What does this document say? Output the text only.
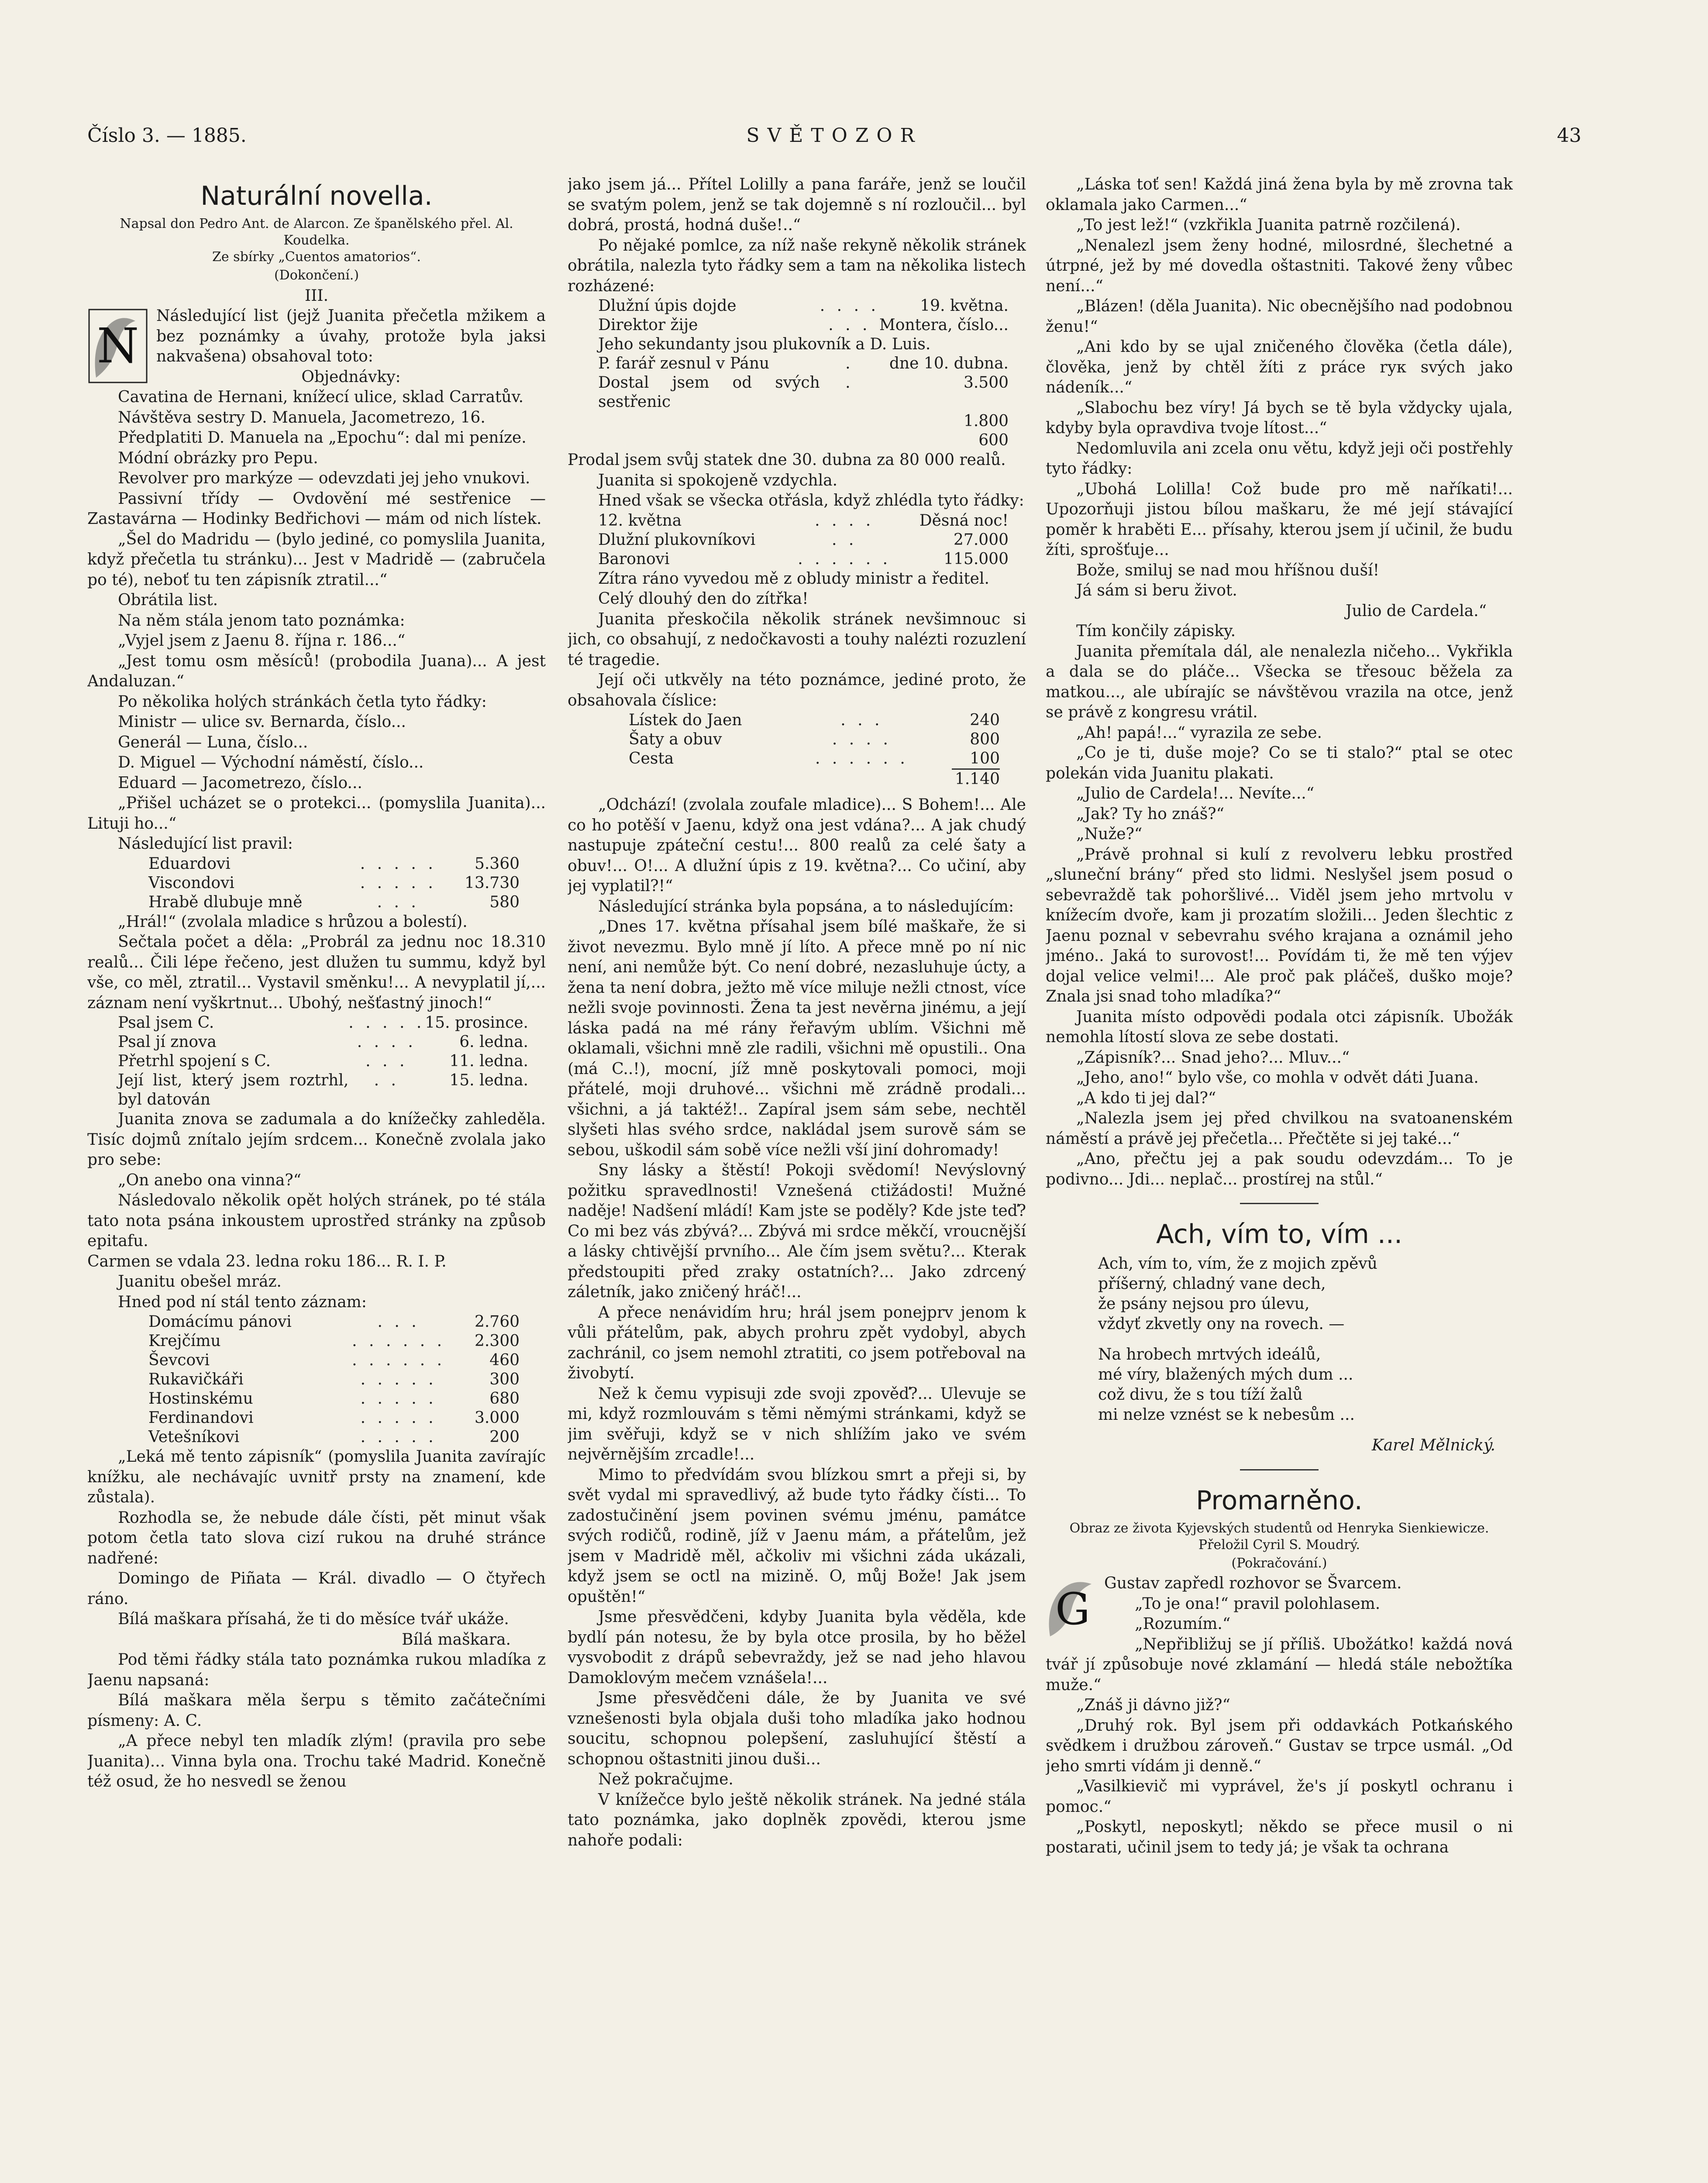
Číslo 3. — 1885.	SVĚTOZOR	43
Naturální novella.
Napsal don Pedro Ant. de Alarcon. Ze španělského přel. Al. Koudelka.
Ze sbírky „Cuentos amatorios“.
(Dokončení.)
III.
N

Následující list (jejž Juanita přečetla mžikem a bez poznámky a úvahy, protože byla jaksi nakvašena) obsahoval toto:

Objednávky:

Cavatina de Hernani, knížecí ulice, sklad Carratův.

Návštěva sestry D. Manuela, Jacometrezo, 16.

Předplatiti D. Manuela na „Epochu“: dal mi peníze.

Módní obrázky pro Pepu.

Revolver pro markýze — odevzdati jej jeho vnukovi.

Passivní třídy — Ovdovění mé sestřenice — Zastavárna — Hodinky Bedřichovi — mám od nich lístek.

„Šel do Madridu — (bylo jediné, co pomyslila Juanita, když přečetla tu stránku)... Jest v Madridě — (zabručela po té), neboť tu ten zápisník ztratil...“

Obrátila list.

Na něm stála jenom tato poznámka:

„Vyjel jsem z Jaenu 8. října r. 186...“

„Jest tomu osm měsíců! (probodila Juana)... A jest Andaluzan.“

Po několika holých stránkách četla tyto řádky:

Ministr — ulice sv. Bernarda, číslo...

Generál — Luna, číslo...

D. Miguel — Východní náměstí, číslo...

Eduard — Jacometrezo, číslo...

„Přišel ucházet se o protekci... (pomyslila Juanita)... Lituji ho...“

Následující list pravil:

Eduardovi	. . . . .	5.360
Viscondovi	. . . . .	13.730
Hrabě dlubuje mně	. . .	580

„Hrál!“ (zvolala mladice s hrůzou a bolestí).

Sečtala počet a děla: „Probrál za jednu noc 18.310 realů... Čili lépe řečeno, jest dlužen tu summu, když byl vše, co měl, ztratil... Vystavil směnku!... A nevyplatil jí,... záznam není vyškrtnut... Ubohý, nešťastný jinoch!“

Psal jsem C.	. . . . .	15. prosince.
Psal jí znova	. . . .	6. ledna.
Přetrhl spojení s C.	. . .	11. ledna.
Její list, který jsem roztrhl, byl datován	. .	15. ledna.

Juanita znova se zadumala a do knížečky zahleděla. Tisíc dojmů znítalo jejím srdcem... Konečně zvolala jako pro sebe:

„On anebo ona vinna?“

Následovalo několik opět holých stránek, po té stála tato nota psána inkoustem uprostřed stránky na způsob epitafu.

Carmen se vdala 23. ledna roku 186... R. I. P.

Juanitu obešel mráz.

Hned pod ní stál tento záznam:

Domácímu pánovi	. . .	2.760
Krejčímu	. . . . . .	2.300
Ševcovi	. . . . . .	460
Rukavičkáři	. . . . .	300
Hostinskému	. . . . .	680
Ferdinandovi	. . . . .	3.000
Vetešníkovi	. . . . .	200

„Leká mě tento zápisník“ (pomyslila Juanita zavírajíc knížku, ale nechávajíc uvnitř prsty na znamení, kde zůstala).

Rozhodla se, že nebude dále čísti, pět minut však potom četla tato slova cizí rukou na druhé stránce nadřené:

Domingo de Piñata — Král. divadlo — O čtyřech ráno.

Bílá maškara přísahá, že ti do měsíce tvář ukáže.

Bílá maškara.

Pod těmi řádky stála tato poznámka rukou mladíka z Jaenu napsaná:

Bílá maškara měla šerpu s těmito začátečními písmeny: A. C.

„A přece nebyl ten mladík zlým! (pravila pro sebe Juanita)... Vinna byla ona. Trochu také Madrid. Konečně též osud, že ho nesvedl se ženou

jako jsem já... Přítel Lolilly a pana faráře, jenž se loučil se svatým polem, jenž se tak dojemně s ní rozloučil... byl dobrá, prostá, hodná duše!..“

Po nějaké pomlce, za níž naše rekyně několik stránek obrátila, nalezla tyto řádky sem a tam na několika listech rozházené:

Dlužní úpis dojde	. . . .	19. května.
Direktor žije	. . .	Montera, číslo...
Jeho sekundanty jsou plukovník a D. Luis.		
P. farář zesnul v Pánu	.	dne 10. dubna.
Dostal jsem od svých sestřenic	.	3.500
		1.800
		600

Prodal jsem svůj statek dne 30. dubna za 80 000 realů.

Juanita si spokojeně vzdychla.

Hned však se všecka otřásla, když zhlédla tyto řádky:

12. května	. . . .	Děsná noc!
Dlužní plukovníkovi	. .	27.000
Baronovi	. . . . . .	115.000

Zítra ráno vyvedou mě z obludy ministr a ředitel.

Celý dlouhý den do zítřka!

Juanita přeskočila několik stránek nevšimnouc si jich, co obsahují, z nedočkavosti a touhy nalézti rozuzlení té tragedie.

Její oči utkvěly na této poznámce, jediné proto, že obsahovala číslice:

Lístek do Jaen	. . .	240
Šaty a obuv	. . . .	800
Cesta	. . . . . .	100
		1.140

„Odchází! (zvolala zoufale mladice)... S Bohem!... Ale co ho potěší v Jaenu, když ona jest vdána?... A jak chudý nastupuje zpáteční cestu!... 800 realů za celé šaty a obuv!... O!... A dlužní úpis z 19. května?... Co učiní, aby jej vyplatil?!“

Následující stránka byla popsána, a to následujícím:

„Dnes 17. května přísahal jsem bílé maškaře, že si život nevezmu. Bylo mně jí líto. A přece mně po ní nic není, ani nemůže být. Co není dobré, nezasluhuje úcty, a žena ta není dobra, ježto mě více miluje nežli ctnost, více nežli svoje povinnosti. Žena ta jest nevěrna jinému, a její láska padá na mé rány řeřavým ublím. Všichni mě oklamali, všichni mně zle radili, všichni mě opustili.. Ona (má C..!), mocní, jíž mně poskytovali pomoci, moji přátelé, moji druhové... všichni mě zrádně prodali... všichni, a já taktéž!.. Zapíral jsem sám sebe, nechtěl slyšeti hlas svého srdce, nakládal jsem surově sám se sebou, uškodil sám sobě více nežli vší jiní dohromady!

Sny lásky a štěstí! Pokoji svědomí! Nevýslovný požitku spravedlnosti! Vznešená ctižádosti! Mužné naděje! Nadšení mládí! Kam jste se poděly? Kde jste teď? Co mi bez vás zbývá?... Zbývá mi srdce měkčí, vroucnější a lásky chtivější prvního... Ale čím jsem světu?... Kterak předstoupiti před zraky ostatních?... Jako zdrcený záletník, jako zničený hráč!...

A přece nenávidím hru; hrál jsem ponejprv jenom k vůli přátelům, pak, abych prohru zpět vydobyl, abych zachránil, co jsem nemohl ztratiti, co jsem potřeboval na živobytí.

Než k čemu vypisuji zde svoji zpověď?... Ulevuje se mi, když rozmlouvám s těmi němými stránkami, když se jim svěřuji, když se v nich shlížím jako ve svém nejvěrnějším zrcadle!...

Mimo to předvídám svou blízkou smrt a přeji si, by svět vydal mi spravedlivý, až bude tyto řádky čísti... To zadostučinění jsem povinen svému jménu, památce svých rodičů, rodině, jíž v Jaenu mám, a přátelům, jež jsem v Madridě měl, ačkoliv mi všichni záda ukázali, když jsem se octl na mizině. O, můj Bože! Jak jsem opuštěn!“

Jsme přesvědčeni, kdyby Juanita byla věděla, kde bydlí pán notesu, že by byla otce prosila, by ho běžel vysvobodit z drápů sebevraždy, jež se nad jeho hlavou Damoklovým mečem vznášela!...

Jsme přesvědčeni dále, že by Juanita ve své vznešenosti byla objala duši toho mladíka jako hodnou soucitu, schopnou polepšení, zasluhující štěstí a schopnou oštastniti jinou duši...

Než pokračujme.

V knížečce bylo ještě několik stránek. Na jedné stála tato poznámka, jako doplněk zpovědi, kterou jsme nahoře podali:

„Láska toť sen! Každá jiná žena byla by mě zrovna tak oklamala jako Carmen...“

„To jest lež!“ (vzkřikla Juanita patrně rozčilená).

„Nenalezl jsem ženy hodné, milosrdné, šlechetné a útrpné, jež by mé dovedla oštastniti. Takové ženy vůbec není...“

„Blázen! (děla Juanita). Nic obecnějšího nad podobnou ženu!“

„Ani kdo by se ujal zničeného člověka (četla dále), člověka, jenž by chtěl žíti z práce rук svých jako nádeník...“

„Slabochu bez víry! Já bych se tě byla vždycky ujala, kdyby byla opravdiva tvoje lítost...“

Nedomluvila ani zcela onu větu, když jeji oči postřehly tyto řádky:

„Ubohá Lolilla! Což bude pro mě naříkati!... Upozorňuji jistou bílou maškaru, že mé její stávající poměr k hraběti E... přísahy, kterou jsem jí učinil, že budu žíti, sprošťuje...

Bože, smiluj se nad mou hříšnou duší!

Já sám si beru život.

Julio de Cardela.“

Tím končily zápisky.

Juanita přemítala dál, ale nenalezla ničeho... Vykřikla a dala se do pláče... Všecka se třesouc běžela za matkou..., ale ubírajíc se návštěvou vrazila na otce, jenž se právě z kongresu vrátil.

„Ah! papá!...“ vyrazila ze sebe.

„Co je ti, duše moje? Co se ti stalo?“ ptal se otec polekán vida Juanitu plakati.

„Julio de Cardela!... Nevíte...“

„Jak? Ty ho znáš?“

„Nuže?“

„Právě prohnal si kulí z revolveru lebku prostřed „sluneční brány“ před sto lidmi. Neslyšel jsem posud o sebevraždě tak pohoršlivé... Viděl jsem jeho mrtvolu v knížecím dvoře, kam ji prozatím složili... Jeden šlechtic z Jaenu poznal v sebevrahu svého krajana a oznámil jeho jméno.. Jaká to surovost!... Povídám ti, že mě ten výjev dojal velice velmi!... Ale proč pak pláčeš, duško moje? Znala jsi snad toho mladíka?“

Juanita místo odpovědi podala otci zápisník. Ubožák nemohla lítostí slova ze sebe dostati.

„Zápisník?... Snad jeho?... Mluv...“

„Jeho, ano!“ bylo vše, co mohla v odvět dáti Juana.

„A kdo ti jej dal?“

„Nalezla jsem jej před chvilkou na svatoanenském náměstí a právě jej přečetla... Přečtěte si jej také...“

„Ano, přečtu jej a pak soudu odevzdám... To je podivno... Jdi... neplač... prostírej na stůl.“

Ach, vím to, vím ...
Ach, vím to, vím, že z mojich zpěvů
příšerný, chladný vane dech,
že psány nejsou pro úlevu,
vždyť zkvetly ony na rovech. —
Na hrobech mrtvých ideálů,
mé víry, blažených mých dum ...
což divu, že s tou tíží žalů
mi nelze vznést se k nebesům ...
Karel Mělnický.
Promarněno.
Obraz ze života Kyjevských studentů od Henryka Sienkiewicze. Přeložil Cyril S. Moudrý.
(Pokračování.)
G

Gustav zapředl rozhovor se Švarcem.

„To je ona!“ pravil polohlasem.

„Rozumím.“

„Nepřibližuj se jí příliš. Ubožátko! každá nová tvář jí způsobuje nové zklamání — hledá stále nebožtíka muže.“

„Znáš ji dávno již?“

„Druhý rok. Byl jsem při oddavkách Potkańského svědkem i družbou zároveň.“ Gustav se trpce usmál. „Od jeho smrti vídám ji denně.“

„Vasilkievič mi vyprável, že's jí poskytl ochranu i pomoc.“

„Poskytl, neposkytl; někdo se přece musil o ni postarati, učinil jsem to tedy já; je však ta ochrana
